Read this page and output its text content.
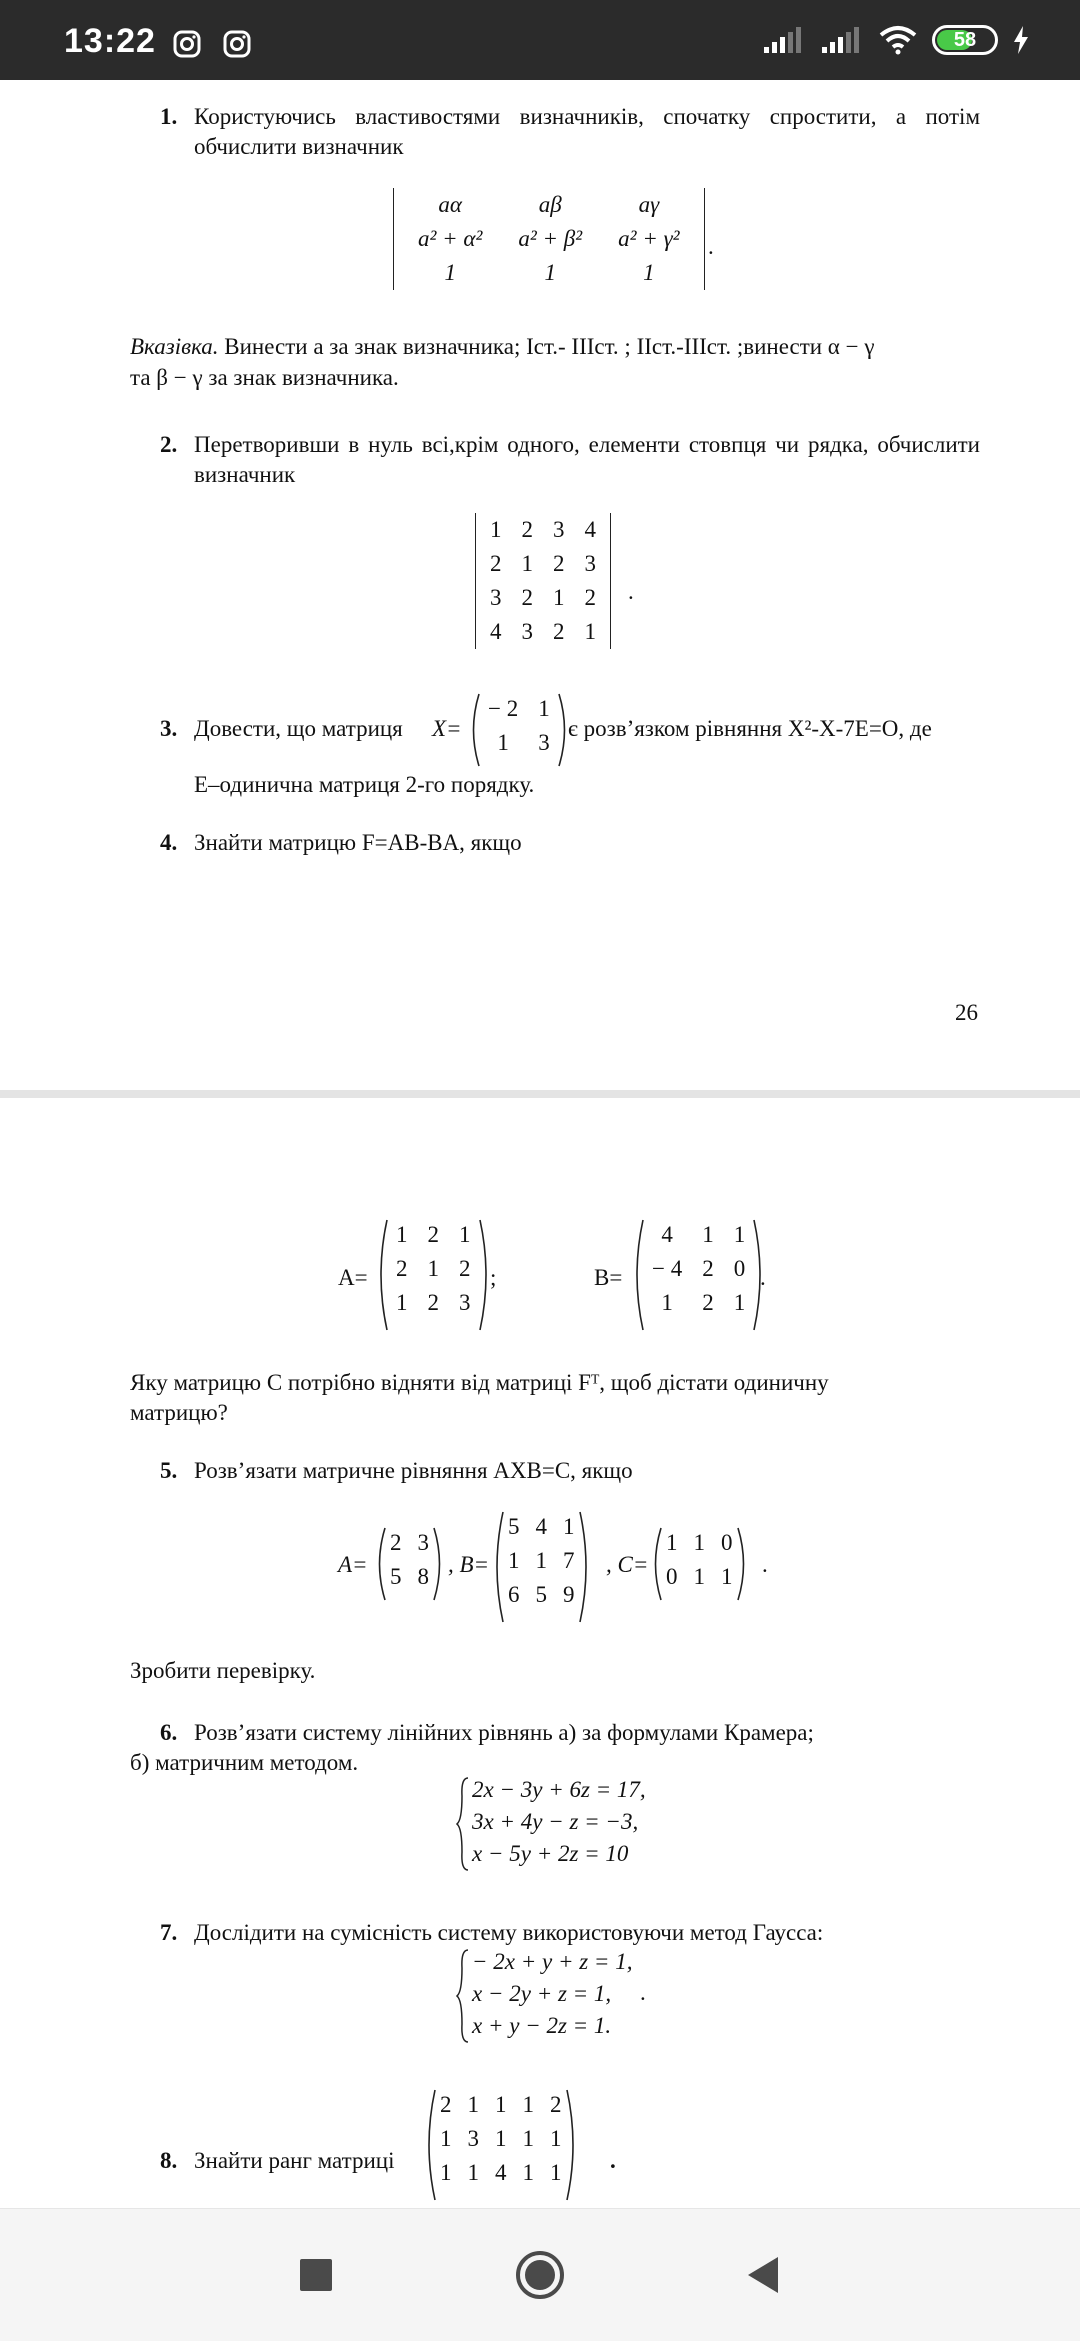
13:22	58
1. Користуючись властивостями визначників, спочатку спростити, а потім обчислити визначник
aα	aβ	aγ
a² + α²	a² + β²	a² + γ²
1	1	1
.
Вказівка. Винести a за знак визначника; Іст.- ІІІст. ; ІІст.-ІІІст. ;винести α − γ
та β − γ за знак визначника.
2. Перетворивши в нуль всі,крім одного, елементи стовпця чи рядка, обчислити визначник
1	2	3	4
2	1	2	3
3	2	1	2
4	3	2	1
.
3. Довести, що матриця X=
− 2	1
1	3
є розв’язком рівняння X²-X-7E=O, де
E–одинична матриця 2-го порядку.
4. Знайти матрицю F=AB-BA, якщо
26
A=
1	2	1
2	1	2
1	2	3
;	B=
4	1	1
− 4	2	0
1	2	1
.
Яку матрицю C потрібно відняти від матриці Fᵀ, щоб дістати одиничну
матрицю?
5. Розв’язати матричне рівняння AXB=C, якщо
A=
2	3
5	8 , B=
5	4	1
1	1	7
6	5	9
, C=
1	1	0
0	1	1 .
Зробити перевірку.
6. Розв’язати систему лінійних рівнянь а) за формулами Крамера;
б) матричним методом.
2x − 3y + 6z = 17,
3x + 4y − z = −3,
x − 5y + 2z = 10
7. Дослідити на сумісність систему використовуючи метод Гаусса:
− 2x + y + z = 1,
x − 2y + z = 1,
x + y − 2z = 1.
.
8. Знайти ранг матриці
2	1	1	1	2
1	3	1	1	1
1	1	4	1	1 .
